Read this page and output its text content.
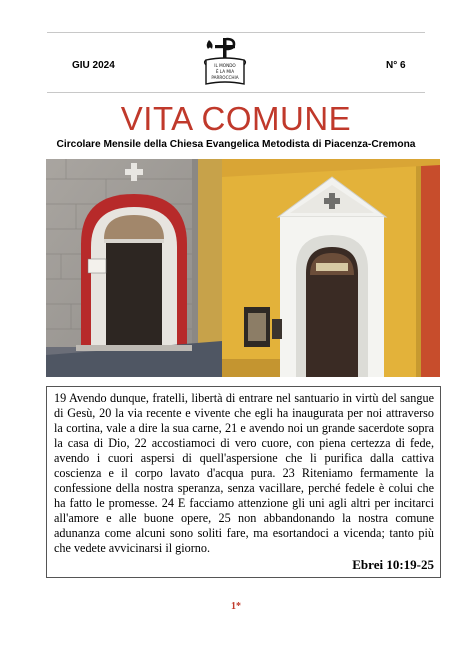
GIU 2024	N° 6
IL MONDO
È LA MIA
PARROCCHIA
VITA COMUNE
Circolare Mensile della Chiesa Evangelica Metodista di Piacenza-Cremona

19 Avendo dunque, fratelli, libertà di entrare nel santuario in virtù del sangue di Gesù, 20 la via recente e vivente che egli ha inaugurata per noi attraverso la cortina, vale a dire la sua carne, 21 e avendo noi un grande sacerdote sopra la casa di Dio, 22 accostiamoci di vero cuore, con piena certezza di fede, avendo i cuori aspersi di quell'aspersione che li purifica dalla cattiva coscienza e il corpo lavato d'acqua pura. 23 Riteniamo fermamente la confessione della nostra speranza, senza vacillare, perché fedele è colui che ha fatto le promesse. 24 E facciamo attenzione gli uni agli altri per incitarci all'amore e alle buone opere, 25 non abbandonando la nostra comune adunanza come alcuni sono soliti fare, ma esortandoci a vicenda; tanto più che vedete avvicinarsi il giorno.

Ebrei 10:19-25
1*
